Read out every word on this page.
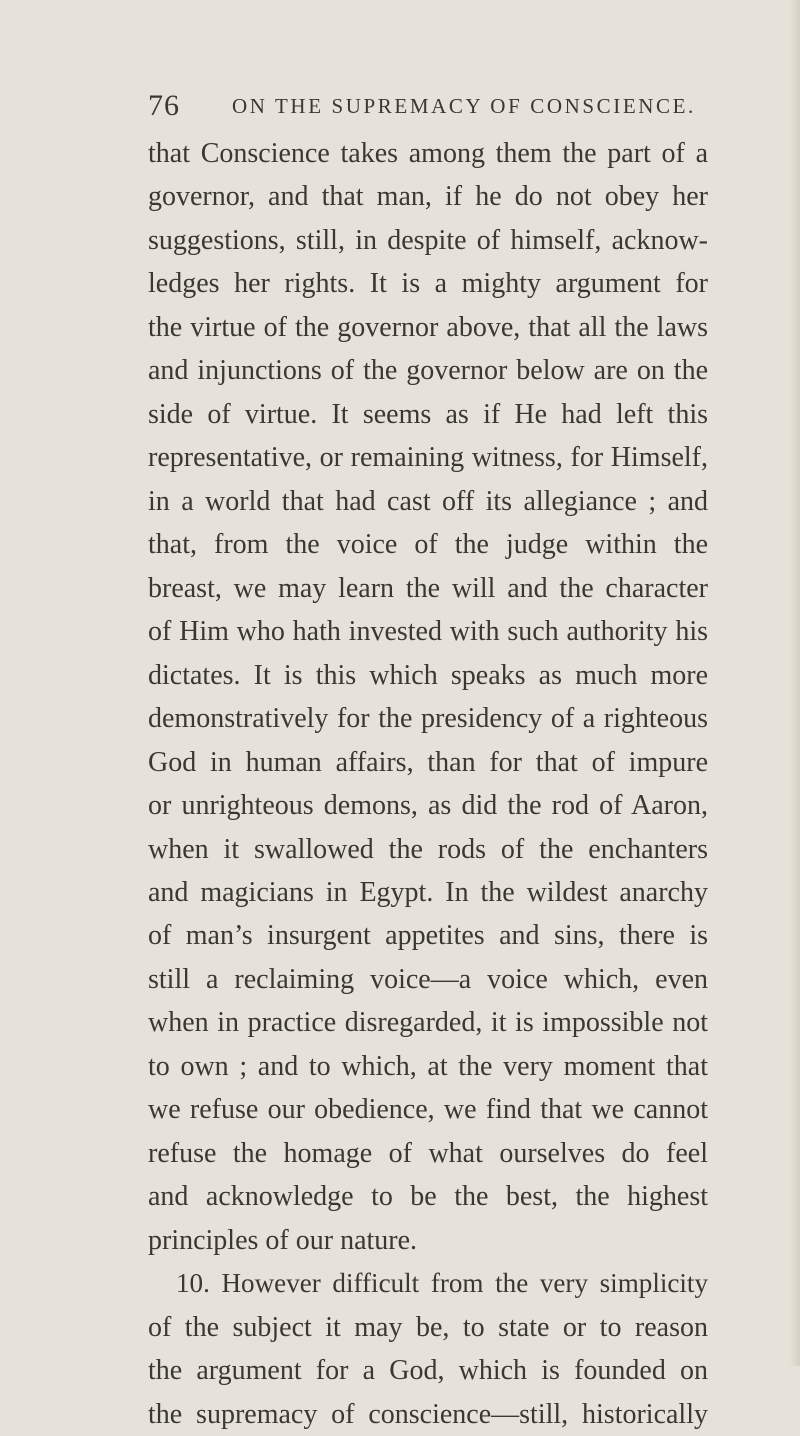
76 ON THE SUPREMACY OF CONSCIENCE.
that Conscience takes among them the part of a
governor, and that man, if he do not obey her
suggestions, still, in despite of himself, acknow-
ledges her rights. It is a mighty argument for
the virtue of the governor above, that all the laws
and injunctions of the governor below are on the
side of virtue. It seems as if He had left this
representative, or remaining witness, for Himself,
in a world that had cast off its allegiance ; and
that, from the voice of the judge within the
breast, we may learn the will and the character
of Him who hath invested with such authority his
dictates. It is this which speaks as much more
demonstratively for the presidency of a righteous
God in human affairs, than for that of impure
or unrighteous demons, as did the rod of Aaron,
when it swallowed the rods of the enchanters
and magicians in Egypt. In the wildest anarchy
of man’s insurgent appetites and sins, there is
still a reclaiming voice—a voice which, even
when in practice disregarded, it is impossible not
to own ; and to which, at the very moment that
we refuse our obedience, we find that we cannot
refuse the homage of what ourselves do feel
and acknowledge to be the best, the highest
principles of our nature.
10. However difficult from the very simplicity
of the subject it may be, to state or to reason
the argument for a God, which is founded on
the supremacy of conscience—still, historically
